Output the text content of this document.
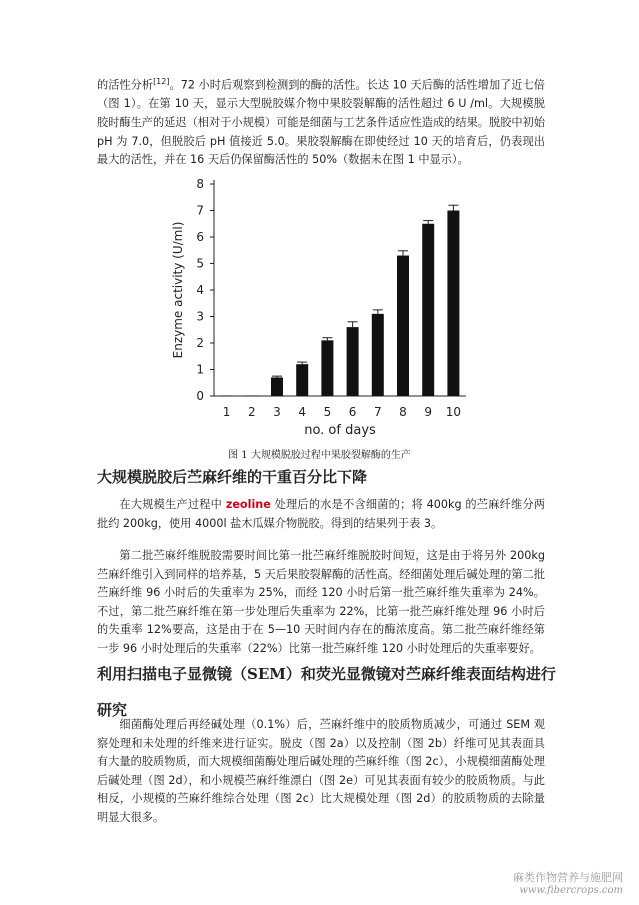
的活性分析[12]。72 小时后观察到检测到的酶的活性。长达 10 天后酶的活性增加了近七倍（图 1）。在第 10 天，显示大型脱胶媒介物中果胶裂解酶的活性超过 6 U /ml。大规模脱胶时酶生产的延迟（相对于小规模）可能是细菌与工艺条件适应性造成的结果。脱胶中初始 pH 为 7.0，但脱胶后 pH 值接近 5.0。果胶裂解酶在即使经过 10 天的培育后，仍表现出最大的活性，并在 16 天后仍保留酶活性的 50%（数据未在图 1 中显示）。

0
1
2
3
4
5
6
7
8
1 2 3 4 5 6 7 8 9 10
no. of days
Enzyme activity (U/ml)
图 1 大规模脱胶过程中果胶裂解酶的生产
大规模脱胶后苎麻纤维的干重百分比下降

在大规模生产过程中 zeoline 处理后的水是不含细菌的；将 400kg 的苎麻纤维分两批约 200kg，使用 4000l 盐木瓜媒介物脱胶。得到的结果列于表 3。

第二批苎麻纤维脱胶需要时间比第一批苎麻纤维脱胶时间短，这是由于将另外 200kg 苎麻纤维引入到同样的培养基，5 天后果胶裂解酶的活性高。经细菌处理后碱处理的第二批苎麻纤维 96 小时后的失重率为 25%，而经 120 小时后第一批苎麻纤维失重率为 24%。不过，第二批苎麻纤维在第一步处理后失重率为 22%，比第一批苎麻纤维处理 96 小时后的失重率 12%要高，这是由于在 5—10 天时间内存在的酶浓度高。第二批苎麻纤维经第一步 96 小时处理后的失重率（22%）比第一批苎麻纤维 120 小时处理后的失重率要好。

利用扫描电子显微镜（SEM）和荧光显微镜对苎麻纤维表面结构进行研究

细菌酶处理后再经碱处理（0.1%）后，苎麻纤维中的胶质物质减少，可通过 SEM 观察处理和未处理的纤维来进行证实。脱皮（图 2a）以及控制（图 2b）纤维可见其表面具有大量的胶质物质，而大规模细菌酶处理后碱处理的苎麻纤维（图 2c），小规模细菌酶处理后碱处理（图 2d），和小规模苎麻纤维漂白（图 2e）可见其表面有较少的胶质物质。与此相反，小规模的苎麻纤维综合处理（图 2c）比大规模处理（图 2d）的胶质物质的去除量明显大很多。

麻类作物营养与施肥网
www.fibercrops.com
